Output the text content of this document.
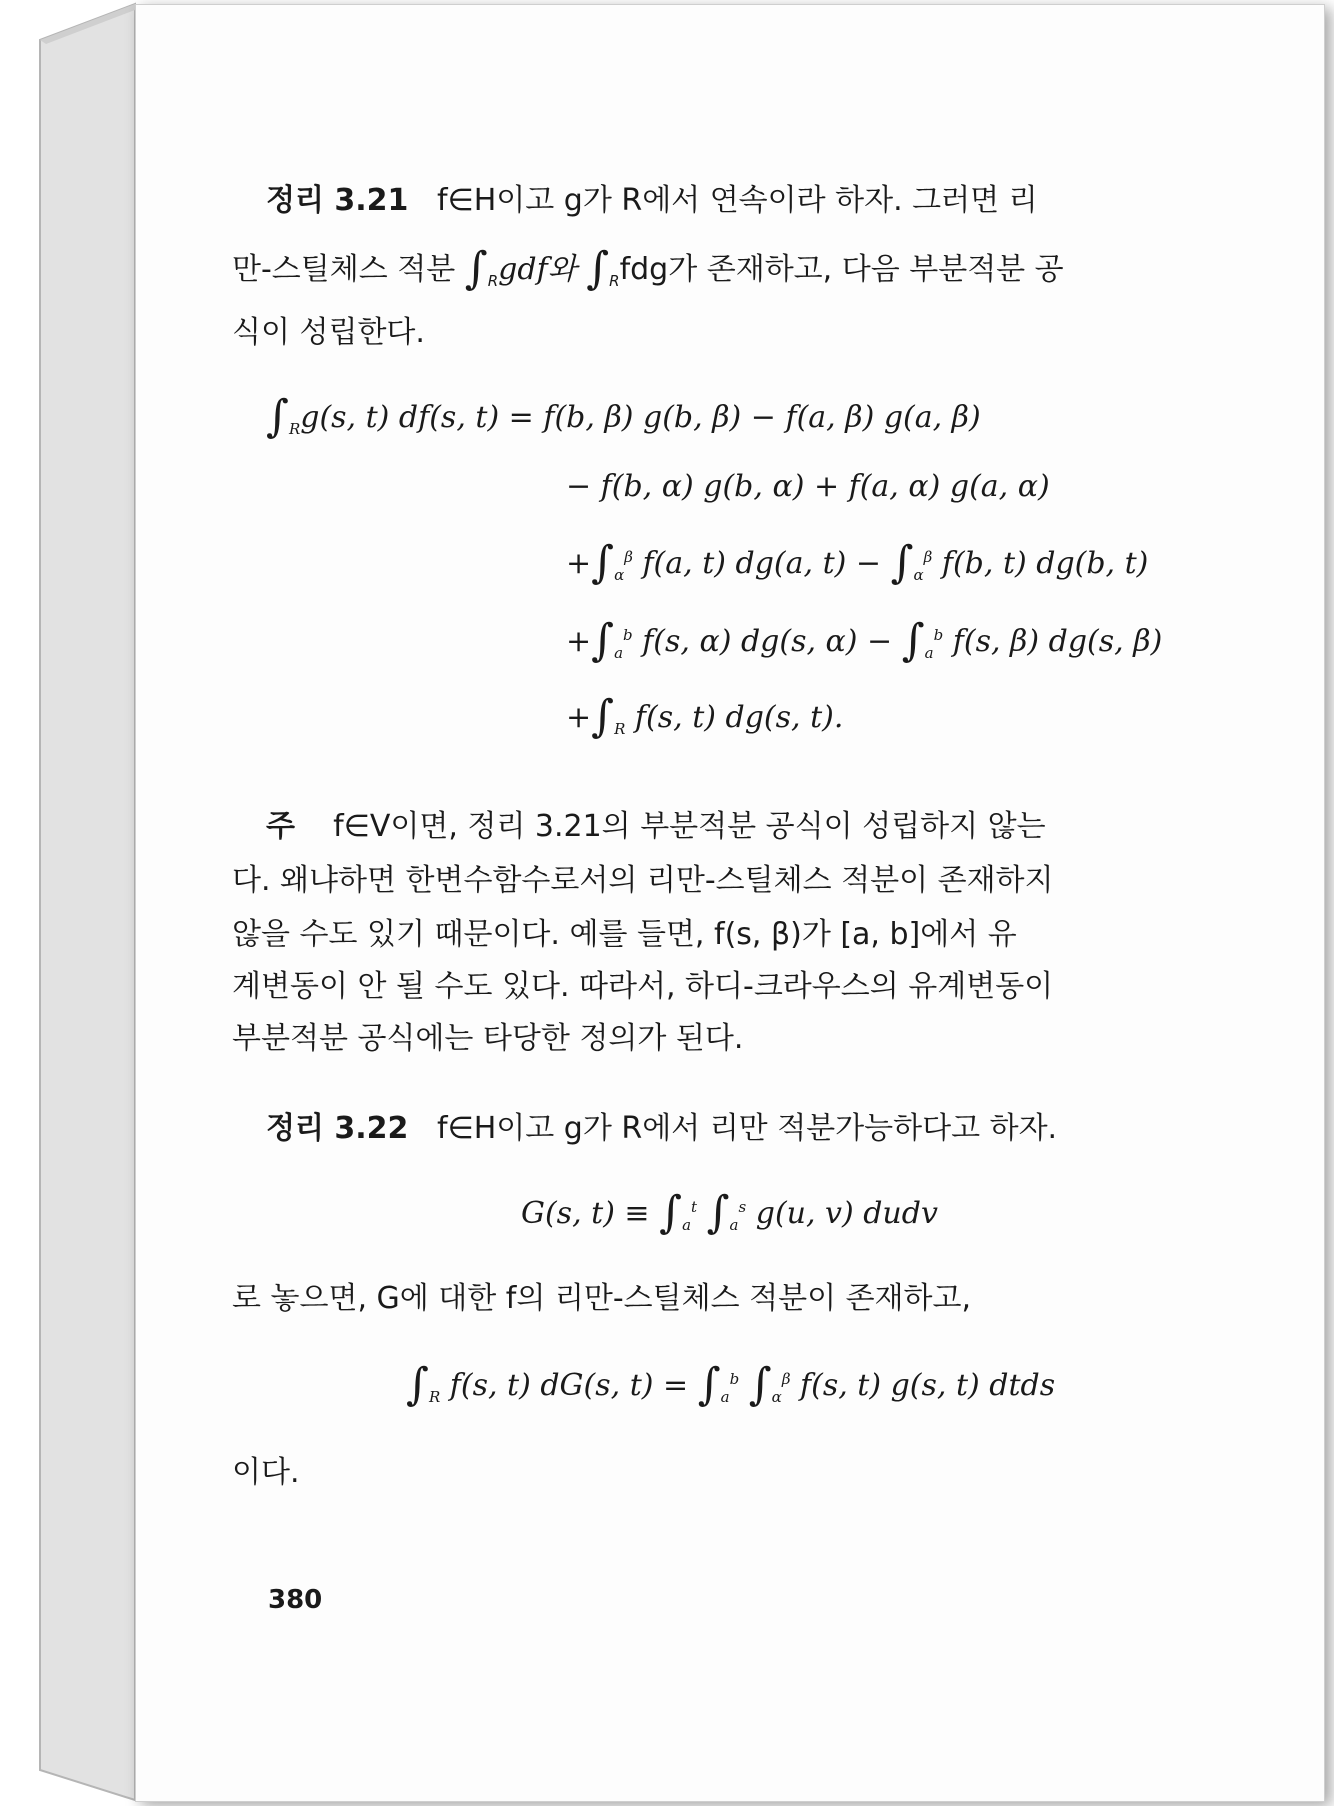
정리 3.21 f∈H이고 g가 R에서 연속이라 하자. 그러면 리
만-스틸체스 적분 $\int_Rgdf$와 $\int_Rfdg$가 존재하고, 다음 부분적분 공
식이 성립한다.
$\int_Rg(s$, t) df(s, t) = f(b, β) g(b, β) − f(a, β) g(a, β)
− f(b, α) g(b, α) + f(a, α) g(a, α)
$+\int_\alpha^\beta$ f(a, t) dg(a, $t) - \int_\alpha^\beta$ f(b, t) dg(b, t)
$+\int_a^b$ f(s, α) dg(s, $\alpha) - \int_a^b$ f(s, β) dg(s, β)
$+\int_R$ f(s, t) dg(s, t).
주 f∈V이면, 정리 3.21의 부분적분 공식이 성립하지 않는
다. 왜냐하면 한변수함수로서의 리만-스틸체스 적분이 존재하지
않을 수도 있기 때문이다. 예를 들면, f(s, β)가 [a, b]에서 유
계변동이 안 될 수도 있다. 따라서, 하디-크라우스의 유계변동이
부분적분 공식에는 타당한 정의가 된다.
정리 3.22 f∈H이고 g가 R에서 리만 적분가능하다고 하자.
G(s, $t) \equiv \int_a^t$ $\int_a^s$ g(u, v) dudv
로 놓으면, G에 대한 f의 리만-스틸체스 적분이 존재하고,
$\int_R$ f(s, t) dG(s, $t) = \int_a^b$ $\int_\alpha^\beta$ f(s, t) g(s, t) dtds
이다.
380
